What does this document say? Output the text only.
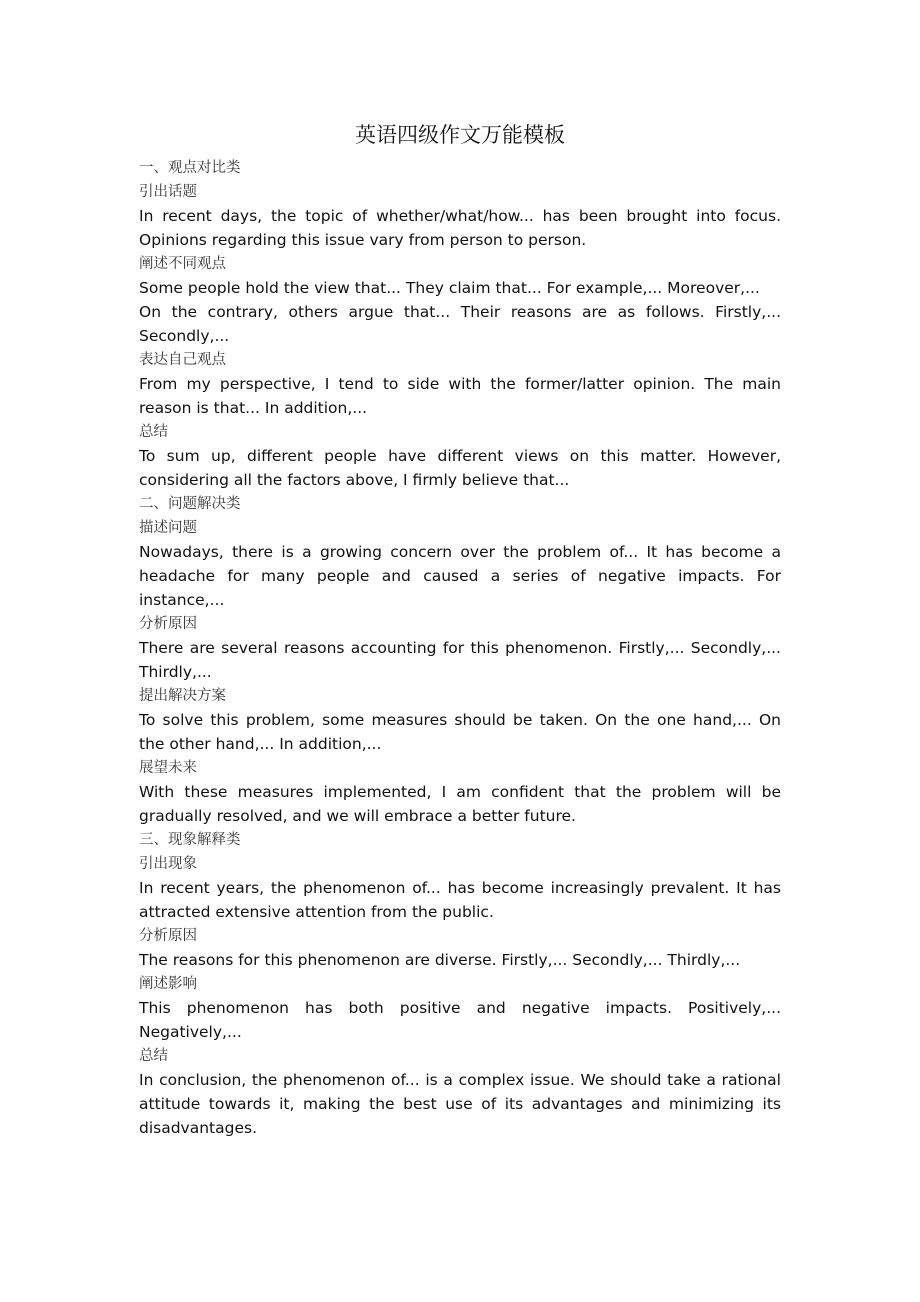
英语四级作文万能模板

一、观点对比类

引出话题

In recent days, the topic of whether/what/how... has been brought into focus. Opinions regarding this issue vary from person to person.

阐述不同观点

Some people hold the view that... They claim that... For example,... Moreover,...

On the contrary, others argue that... Their reasons are as follows. Firstly,... Secondly,...

表达自己观点

From my perspective, I tend to side with the former/latter opinion. The main reason is that... In addition,...

总结

To sum up, different people have different views on this matter. However, considering all the factors above, I firmly believe that...

二、问题解决类

描述问题

Nowadays, there is a growing concern over the problem of... It has become a headache for many people and caused a series of negative impacts. For instance,...

分析原因

There are several reasons accounting for this phenomenon. Firstly,... Secondly,... Thirdly,...

提出解决方案

To solve this problem, some measures should be taken. On the one hand,... On the other hand,... In addition,...

展望未来

With these measures implemented, I am confident that the problem will be gradually resolved, and we will embrace a better future.

三、现象解释类

引出现象

In recent years, the phenomenon of... has become increasingly prevalent. It has attracted extensive attention from the public.

分析原因

The reasons for this phenomenon are diverse. Firstly,... Secondly,... Thirdly,...

阐述影响

This phenomenon has both positive and negative impacts. Positively,... Negatively,...

总结

In conclusion, the phenomenon of... is a complex issue. We should take a rational attitude towards it, making the best use of its advantages and minimizing its disadvantages.
